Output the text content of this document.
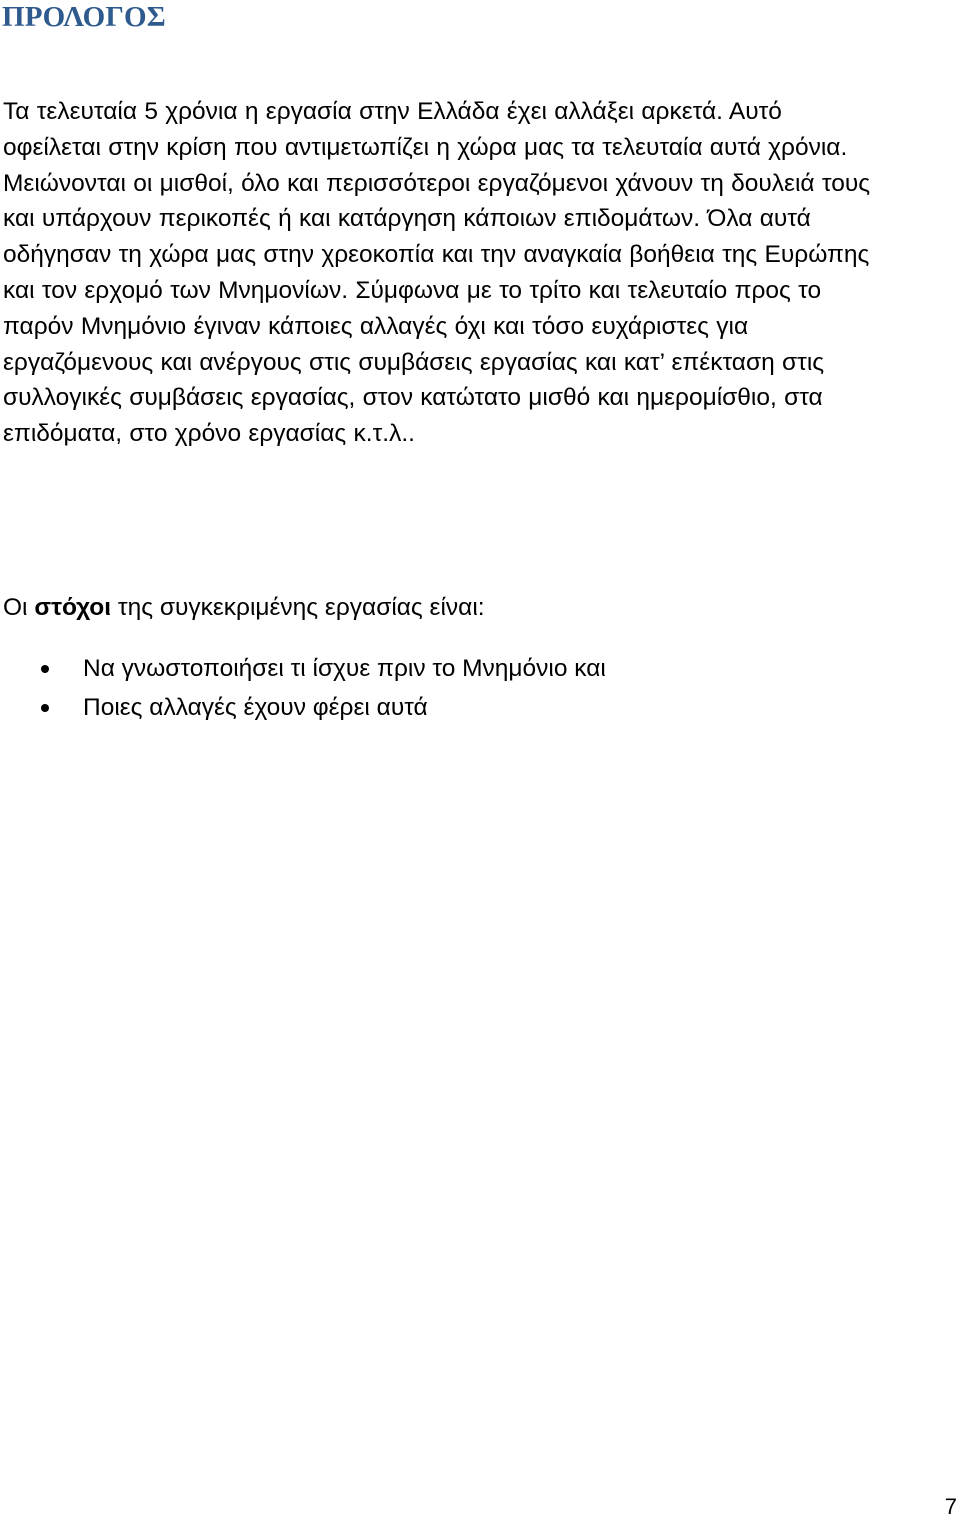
ΠΡΟΛΟΓΟΣ

Τα τελευταία 5 χρόνια η εργασία στην Ελλάδα έχει αλλάξει αρκετά. Αυτό
οφείλεται στην κρίση που αντιμετωπίζει η χώρα μας τα τελευταία αυτά χρόνια.
Μειώνονται οι μισθοί, όλο και περισσότεροι εργαζόμενοι χάνουν τη δουλειά τους
και υπάρχουν περικοπές ή και κατάργηση κάποιων επιδομάτων. Όλα αυτά
οδήγησαν τη χώρα μας στην χρεοκοπία και την αναγκαία βοήθεια της Ευρώπης
και τον ερχομό των Μνημονίων. Σύμφωνα με το τρίτο και τελευταίο προς το
παρόν Μνημόνιο έγιναν κάποιες αλλαγές όχι και τόσο ευχάριστες για
εργαζόμενους και ανέργους στις συμβάσεις εργασίας και κατ’ επέκταση στις
συλλογικές συμβάσεις εργασίας, στον κατώτατο μισθό και ημερομίσθιο, στα
επιδόματα, στο χρόνο εργασίας κ.τ.λ..

Οι στόχοι της συγκεκριμένης εργασίας είναι:

Να γνωστοποιήσει τι ίσχυε πριν το Μνημόνιο και
Ποιες αλλαγές έχουν φέρει αυτά

7
